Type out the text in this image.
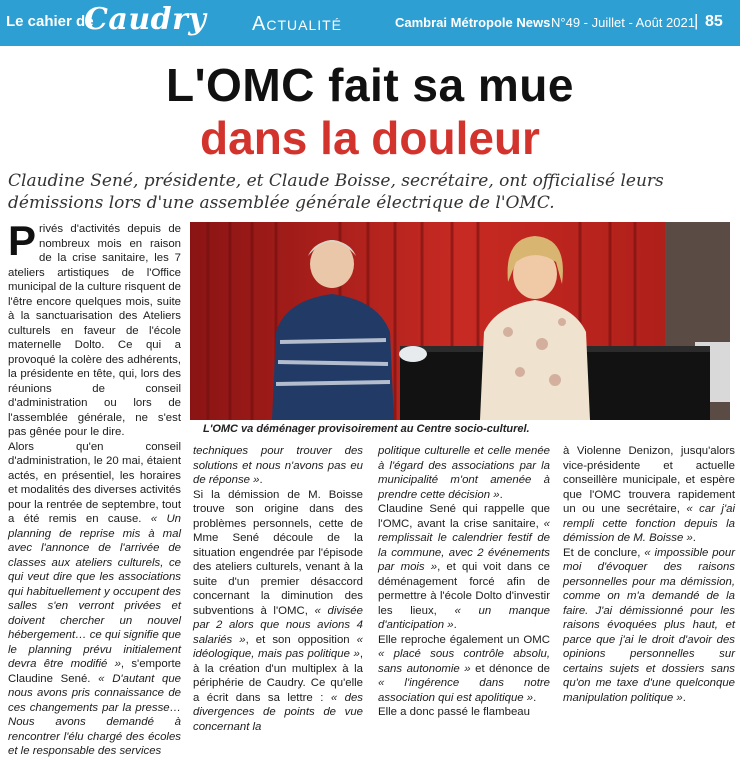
Le cahier de
Caudry Actualité	Cambrai Métropole News N°49 - Juillet - Août 2021 | 85
L'OMC fait sa mue
dans la douleur
Claudine Sené, présidente, et Claude Boisse, secrétaire, ont officialisé leurs démissions lors d'une assemblée générale électrique de l'OMC.
L'OMC va déménager provisoirement au Centre socio-culturel.

Privés d'activités depuis de nombreux mois en raison de la crise sanitaire, les 7 ateliers artistiques de l'Office municipal de la culture risquent de l'être encore quelques mois, suite à la sanctuarisation des Ateliers culturels en faveur de l'école maternelle Dolto. Ce qui a provoqué la colère des adhérents, la présidente en tête, qui, lors des réunions de conseil d'administration ou lors de l'assemblée générale, ne s'est pas gênée pour le dire.

Alors qu'en conseil d'administration, le 20 mai, étaient actés, en présentiel, les horaires et modalités des diverses activités pour la rentrée de septembre, tout a été remis en cause. « Un planning de reprise mis à mal avec l'annonce de l'arrivée de classes aux ateliers culturels, ce qui veut dire que les associations qui habituellement y occupent des salles s'en verront privées et doivent chercher un nouvel hébergement… ce qui signifie que le planning prévu initialement devra être modifié », s'emporte Claudine Sené. « D'autant que nous avons pris connaissance de ces changements par la presse… Nous avons demandé à rencontrer l'élu chargé des écoles et le responsable des services

techniques pour trouver des solutions et nous n'avons pas eu de réponse ».

Si la démission de M. Boisse trouve son origine dans des problèmes personnels, cette de Mme Sené découle de la situation engendrée par l'épisode des ateliers culturels, venant à la suite d'un premier désaccord concernant la diminution des subventions à l'OMC, « divisée par 2 alors que nous avions 4 salariés », et son opposition « idéologique, mais pas politique », à la création d'un multiplex à la périphérie de Caudry. Ce qu'elle a écrit dans sa lettre : « des divergences de points de vue concernant la

politique culturelle et celle menée à l'égard des associations par la municipalité m'ont amenée à prendre cette décision ».

Claudine Sené qui rappelle que l'OMC, avant la crise sanitaire, « remplissait le calendrier festif de la commune, avec 2 événements par mois », et qui voit dans ce déménagement forcé afin de permettre à l'école Dolto d'investir les lieux, « un manque d'anticipation ».

Elle reproche également un OMC « placé sous contrôle absolu, sans autonomie » et dénonce de « l'ingérence dans notre association qui est apolitique ».

Elle a donc passé le flambeau

à Violenne Denizon, jusqu'alors vice-présidente et actuelle conseillère municipale, et espère que l'OMC trouvera rapidement un ou une secrétaire, « car j'ai rempli cette fonction depuis la démission de M. Boisse ».

Et de conclure, « impossible pour moi d'évoquer des raisons personnelles pour ma démission, comme on m'a demandé de la faire. J'ai démissionné pour les raisons évoquées plus haut, et parce que j'ai le droit d'avoir des opinions personnelles sur certains sujets et dossiers sans qu'on me taxe d'une quelconque manipulation politique ».
